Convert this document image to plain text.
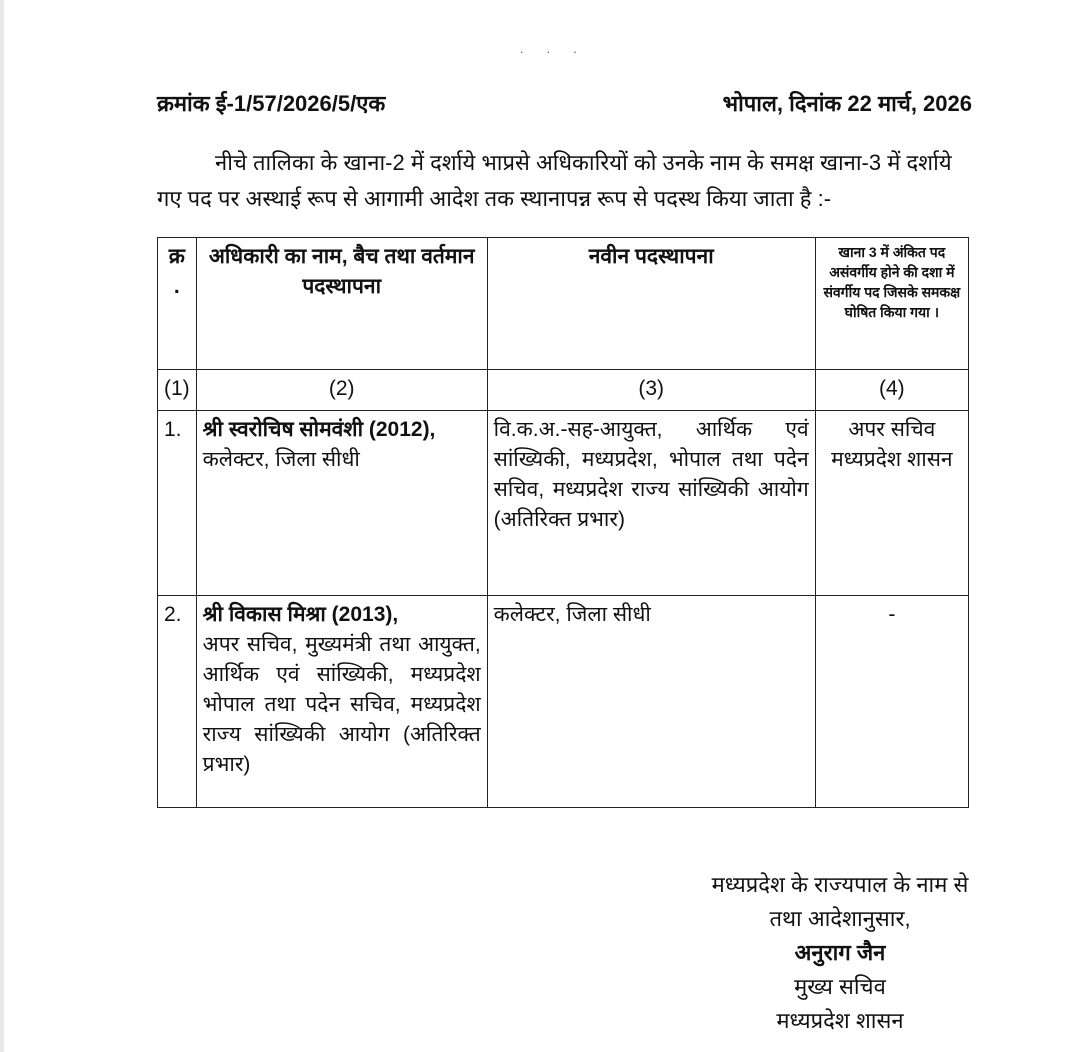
. . .
क्रमांक ई-1/57/2026/5/एक	भोपाल, दिनांक 22 मार्च, 2026
नीचे तालिका के खाना-2 में दर्शाये भाप्रसे अधिकारियों को उनके नाम के समक्ष खाना-3 में दर्शाये गए पद पर अस्थाई रूप से आगामी आदेश तक स्थानापन्न रूप से पदस्थ किया जाता है :-
क्र .	अधिकारी का नाम, बैच तथा वर्तमान पदस्थापना	नवीन पदस्थापना	खाना 3 में अंकित पद असंवर्गीय होने की दशा में संवर्गीय पद जिसके समकक्ष घोषित किया गया ।
(1)	(2)	(3)	(4)
1.	श्री स्वरोचिष सोमवंशी (2012),
कलेक्टर, जिला सीधी	वि.क.अ.-सह-आयुक्त, आर्थिक एवं सांख्यिकी, मध्यप्रदेश, भोपाल तथा पदेन सचिव, मध्यप्रदेश राज्य सांख्यिकी आयोग (अतिरिक्त प्रभार)	अपर सचिव मध्यप्रदेश शासन
2.	श्री विकास मिश्रा (2013),
अपर सचिव, मुख्यमंत्री तथा आयुक्त, आर्थिक एवं सांख्यिकी, मध्यप्रदेश भोपाल तथा पदेन सचिव, मध्यप्रदेश राज्य सांख्यिकी आयोग (अतिरिक्त प्रभार)	कलेक्टर, जिला सीधी	-
मध्यप्रदेश के राज्यपाल के नाम से
तथा आदेशानुसार,
अनुराग जैन
मुख्य सचिव
मध्यप्रदेश शासन
